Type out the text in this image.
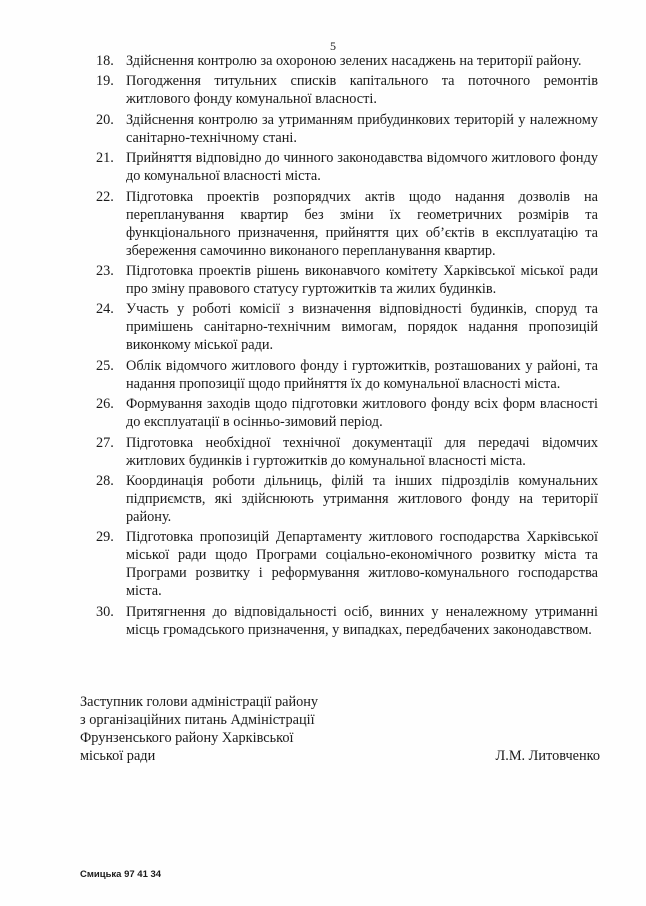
5
18. Здійснення контролю за охороною зелених насаджень на території району.
19. Погодження титульних списків капітального та поточного ремонтів житлового фонду комунальної власності.
20. Здійснення контролю за утриманням прибудинкових територій у належному санітарно-технічному стані.
21. Прийняття відповідно до чинного законодавства відомчого житлового фонду до комунальної власності міста.
22. Підготовка проектів розпорядчих актів щодо надання дозволів на перепланування квартир без зміни їх геометричних розмірів та функціонального призначення, прийняття цих об’єктів в експлуатацію та збереження самочинно виконаного перепланування квартир.
23. Підготовка проектів рішень виконавчого комітету Харківської міської ради про зміну правового статусу гуртожитків та жилих будинків.
24. Участь у роботі комісії з визначення відповідності будинків, споруд та примішень санітарно-технічним вимогам, порядок надання пропозицій виконкому міської ради.
25. Облік відомчого житлового фонду і гуртожитків, розташованих у районі, та надання пропозиції щодо прийняття їх до комунальної власності міста.
26. Формування заходів щодо підготовки житлового фонду всіх форм власності до експлуатації в осінньо-зимовий період.
27. Підготовка необхідної технічної документації для передачі відомчих житлових будинків і гуртожитків до комунальної власності міста.
28. Координація роботи дільниць, філій та інших підрозділів комунальних підприємств, які здійснюють утримання житлового фонду на території району.
29. Підготовка пропозицій Департаменту житлового господарства Харківської міської ради щодо Програми соціально-економічного розвитку міста та Програми розвитку і реформування житлово-комунального господарства міста.
30. Притягнення до відповідальності осіб, винних у неналежному утриманні місць громадського призначення, у випадках, передбачених законодавством.
Заступник голови адміністрації району
з організаційних питань Адміністрації
Фрунзенського району Харківської
міської ради	Л.М. Литовченко
Смицька 97 41 34
